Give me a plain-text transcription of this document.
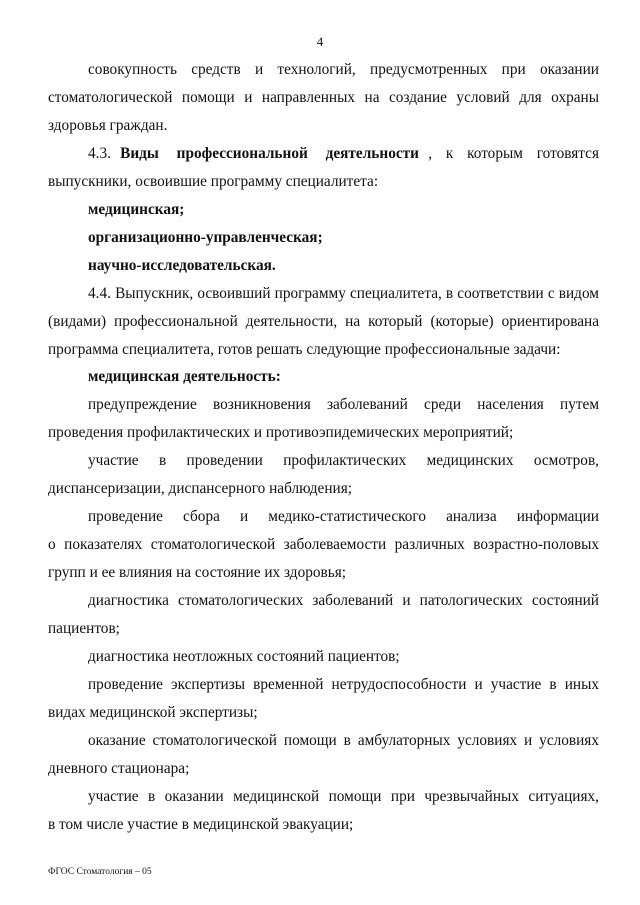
4
совокупность средств и технологий, предусмотренных при оказании
стоматологической помощи и направленных на создание условий для охраны
здоровья граждан.
4.3. Виды профессиональной деятельности , к которым готовятся
выпускники, освоившие программу специалитета:
медицинская;
организационно-управленческая;
научно-исследовательская.
4.4. Выпускник, освоивший программу специалитета, в соответствии с видом
(видами) профессиональной деятельности, на который (которые) ориентирована
программа специалитета, готов решать следующие профессиональные задачи:
медицинская деятельность:
предупреждение возникновения заболеваний среди населения путем
проведения профилактических и противоэпидемических мероприятий;
участие в проведении профилактических медицинских осмотров,
диспансеризации, диспансерного наблюдения;
проведение сбора и медико-статистического анализа информации
о показателях стоматологической заболеваемости различных возрастно-половых
групп и ее влияния на состояние их здоровья;
диагностика стоматологических заболеваний и патологических состояний
пациентов;
диагностика неотложных состояний пациентов;
проведение экспертизы временной нетрудоспособности и участие в иных
видах медицинской экспертизы;
оказание стоматологической помощи в амбулаторных условиях и условиях
дневного стационара;
участие в оказании медицинской помощи при чрезвычайных ситуациях,
в том числе участие в медицинской эвакуации;
ФГОС Стоматология – 05
